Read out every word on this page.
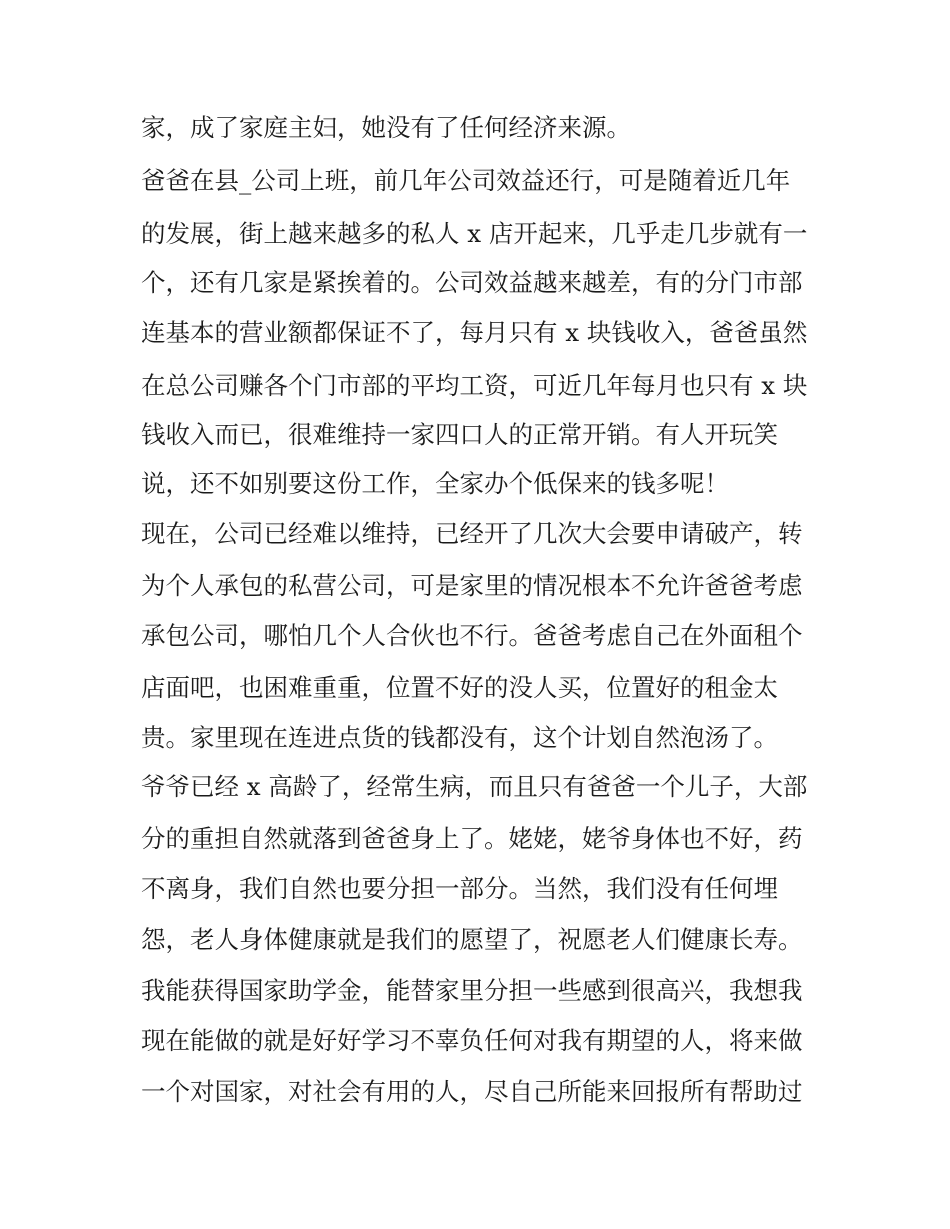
家，成了家庭主妇，她没有了任何经济来源。
爸爸在县_公司上班，前几年公司效益还行，可是随着近几年
的发展，街上越来越多的私人 x 店开起来，几乎走几步就有一
个，还有几家是紧挨着的。公司效益越来越差，有的分门市部
连基本的营业额都保证不了，每月只有 x 块钱收入，爸爸虽然
在总公司赚各个门市部的平均工资，可近几年每月也只有 x 块
钱收入而已，很难维持一家四口人的正常开销。有人开玩笑
说，还不如别要这份工作，全家办个低保来的钱多呢！
现在，公司已经难以维持，已经开了几次大会要申请破产，转
为个人承包的私营公司，可是家里的情况根本不允许爸爸考虑
承包公司，哪怕几个人合伙也不行。爸爸考虑自己在外面租个
店面吧，也困难重重，位置不好的没人买，位置好的租金太
贵。家里现在连进点货的钱都没有，这个计划自然泡汤了。
爷爷已经 x 高龄了，经常生病，而且只有爸爸一个儿子，大部
分的重担自然就落到爸爸身上了。姥姥，姥爷身体也不好，药
不离身，我们自然也要分担一部分。当然，我们没有任何埋
怨，老人身体健康就是我们的愿望了，祝愿老人们健康长寿。
我能获得国家助学金，能替家里分担一些感到很高兴，我想我
现在能做的就是好好学习不辜负任何对我有期望的人，将来做
一个对国家，对社会有用的人，尽自己所能来回报所有帮助过
